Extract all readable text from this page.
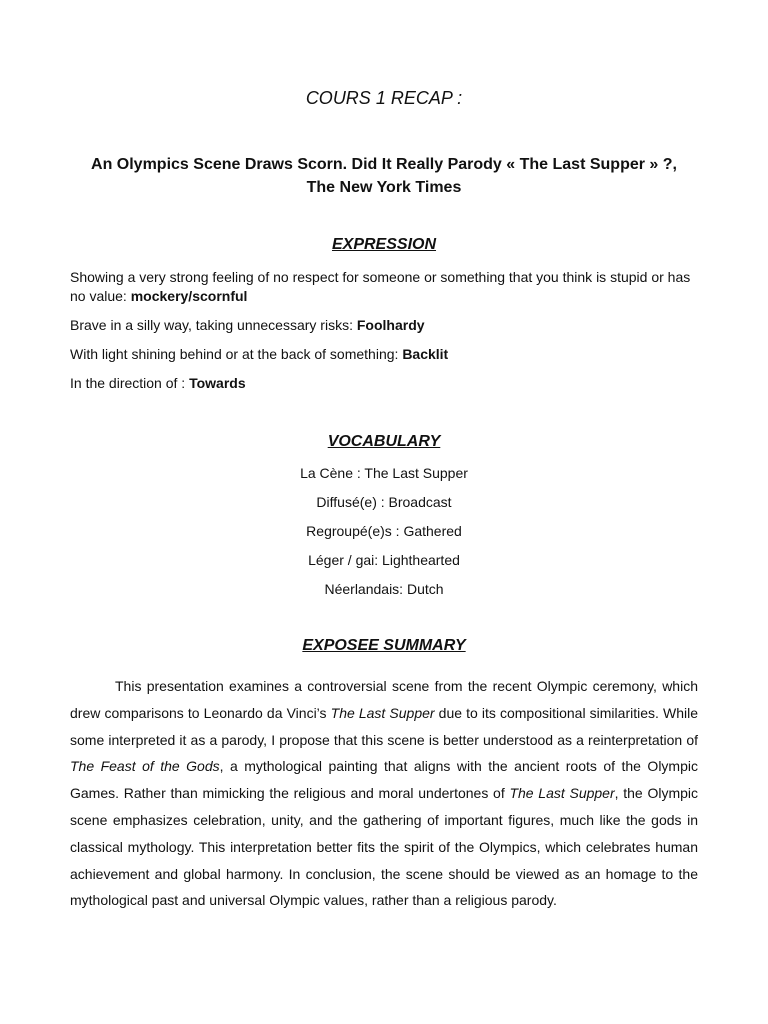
COURS 1 RECAP :
An Olympics Scene Draws Scorn. Did It Really Parody « The Last Supper » ?,
The New York Times
EXPRESSION
Showing a very strong feeling of no respect for someone or something that you think is stupid or has no value: mockery/scornful
Brave in a silly way, taking unnecessary risks: Foolhardy
With light shining behind or at the back of something: Backlit
In the direction of : Towards
VOCABULARY
La Cène : The Last Supper
Diffusé(e) : Broadcast
Regroupé(e)s : Gathered
Léger / gai: Lighthearted
Néerlandais: Dutch
EXPOSEE SUMMARY

This presentation examines a controversial scene from the recent Olympic ceremony, which drew comparisons to Leonardo da Vinci’s The Last Supper due to its compositional similarities. While some interpreted it as a parody, I propose that this scene is better understood as a reinterpretation of The Feast of the Gods, a mythological painting that aligns with the ancient roots of the Olympic Games. Rather than mimicking the religious and moral undertones of The Last Supper, the Olympic scene emphasizes celebration, unity, and the gathering of important figures, much like the gods in classical mythology. This interpretation better fits the spirit of the Olympics, which celebrates human achievement and global harmony. In conclusion, the scene should be viewed as an homage to the mythological past and universal Olympic values, rather than a religious parody.
